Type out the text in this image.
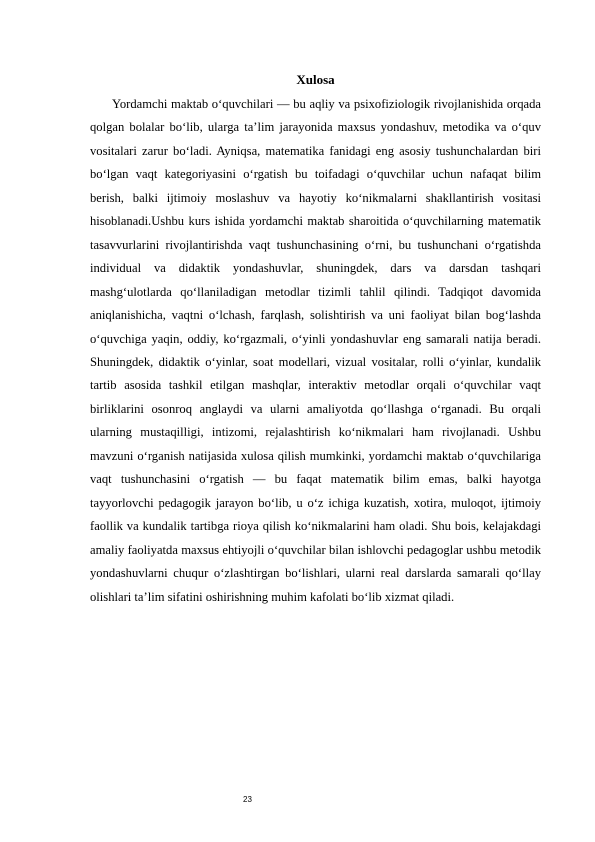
Xulosa

Yordamchi maktab o‘quvchilari — bu aqliy va psixofiziologik rivojlanishida orqada qolgan bolalar bo‘lib, ularga ta’lim jarayonida maxsus yondashuv, metodika va o‘quv vositalari zarur bo‘ladi. Ayniqsa, matematika fanidagi eng asosiy tushunchalardan biri bo‘lgan vaqt kategoriyasini o‘rgatish bu toifadagi o‘quvchilar uchun nafaqat bilim berish, balki ijtimoiy moslashuv va hayotiy ko‘nikmalarni shakllantirish vositasi hisoblanadi.Ushbu kurs ishida yordamchi maktab sharoitida o‘quvchilarning matematik tasavvurlarini rivojlantirishda vaqt tushunchasining o‘rni, bu tushunchani o‘rgatishda individual va didaktik yondashuvlar, shuningdek, dars va darsdan tashqari mashg‘ulotlarda qo‘llaniladigan metodlar tizimli tahlil qilindi. Tadqiqot davomida aniqlanishicha, vaqtni o‘lchash, farqlash, solishtirish va uni faoliyat bilan bog‘lashda o‘quvchiga yaqin, oddiy, ko‘rgazmali, o‘yinli yondashuvlar eng samarali natija beradi. Shuningdek, didaktik o‘yinlar, soat modellari, vizual vositalar, rolli o‘yinlar, kundalik tartib asosida tashkil etilgan mashqlar, interaktiv metodlar orqali o‘quvchilar vaqt birliklarini osonroq anglaydi va ularni amaliyotda qo‘llashga o‘rganadi. Bu orqali ularning mustaqilligi, intizomi, rejalashtirish ko‘nikmalari ham rivojlanadi. Ushbu mavzuni o‘rganish natijasida xulosa qilish mumkinki, yordamchi maktab o‘quvchilariga vaqt tushunchasini o‘rgatish — bu faqat matematik bilim emas, balki hayotga tayyorlovchi pedagogik jarayon bo‘lib, u o‘z ichiga kuzatish, xotira, muloqot, ijtimoiy faollik va kundalik tartibga rioya qilish ko‘nikmalarini ham oladi. Shu bois, kelajakdagi amaliy faoliyatda maxsus ehtiyojli o‘quvchilar bilan ishlovchi pedagoglar ushbu metodik yondashuvlarni chuqur o‘zlashtirgan bo‘lishlari, ularni real darslarda samarali qo‘llay olishlari ta’lim sifatini oshirishning muhim kafolati bo‘lib xizmat qiladi.

23
